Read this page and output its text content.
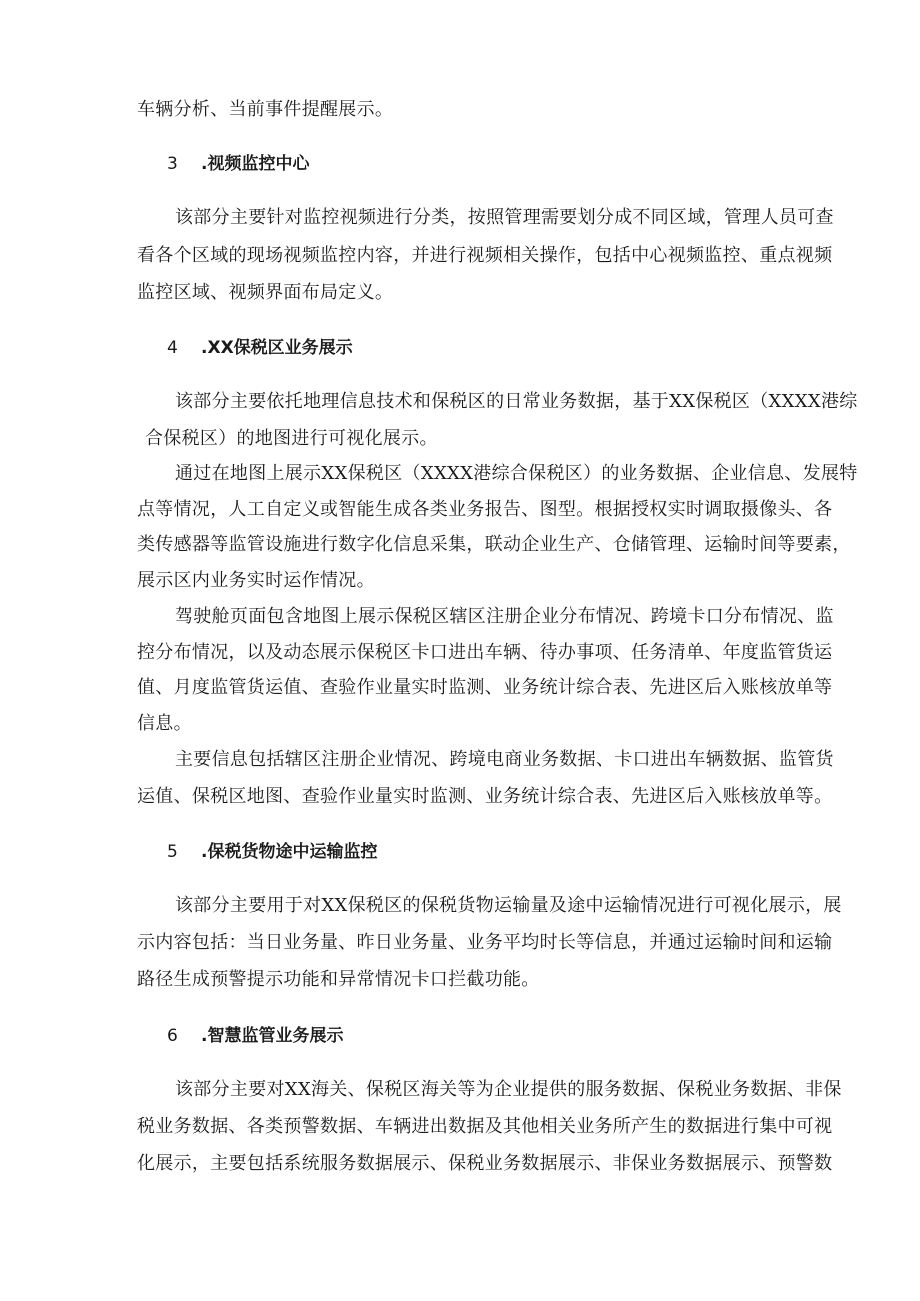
车辆分析、当前事件提醒展示。
3 .视频监控中心
该部分主要针对监控视频进行分类，按照管理需要划分成不同区域，管理人员可查
看各个区域的现场视频监控内容，并进行视频相关操作，包括中心视频监控、重点视频
监控区域、视频界面布局定义。
4 .XX保税区业务展示
该部分主要依托地理信息技术和保税区的日常业务数据，基于XX保税区（XXXX港综
合保税区）的地图进行可视化展示。
通过在地图上展示XX保税区（XXXX港综合保税区）的业务数据、企业信息、发展特
点等情况，人工自定义或智能生成各类业务报告、图型。根据授权实时调取摄像头、各
类传感器等监管设施进行数字化信息采集，联动企业生产、仓储管理、运输时间等要素，
展示区内业务实时运作情况。
驾驶舱页面包含地图上展示保税区辖区注册企业分布情况、跨境卡口分布情况、监
控分布情况，以及动态展示保税区卡口进出车辆、待办事项、任务清单、年度监管货运
值、月度监管货运值、查验作业量实时监测、业务统计综合表、先进区后入账核放单等
信息。
主要信息包括辖区注册企业情况、跨境电商业务数据、卡口进出车辆数据、监管货
运值、保税区地图、查验作业量实时监测、业务统计综合表、先进区后入账核放单等。
5 .保税货物途中运输监控
该部分主要用于对XX保税区的保税货物运输量及途中运输情况进行可视化展示，展
示内容包括：当日业务量、昨日业务量、业务平均时长等信息，并通过运输时间和运输
路径生成预警提示功能和异常情况卡口拦截功能。
6 .智慧监管业务展示
该部分主要对XX海关、保税区海关等为企业提供的服务数据、保税业务数据、非保
税业务数据、各类预警数据、车辆进出数据及其他相关业务所产生的数据进行集中可视
化展示，主要包括系统服务数据展示、保税业务数据展示、非保业务数据展示、预警数
